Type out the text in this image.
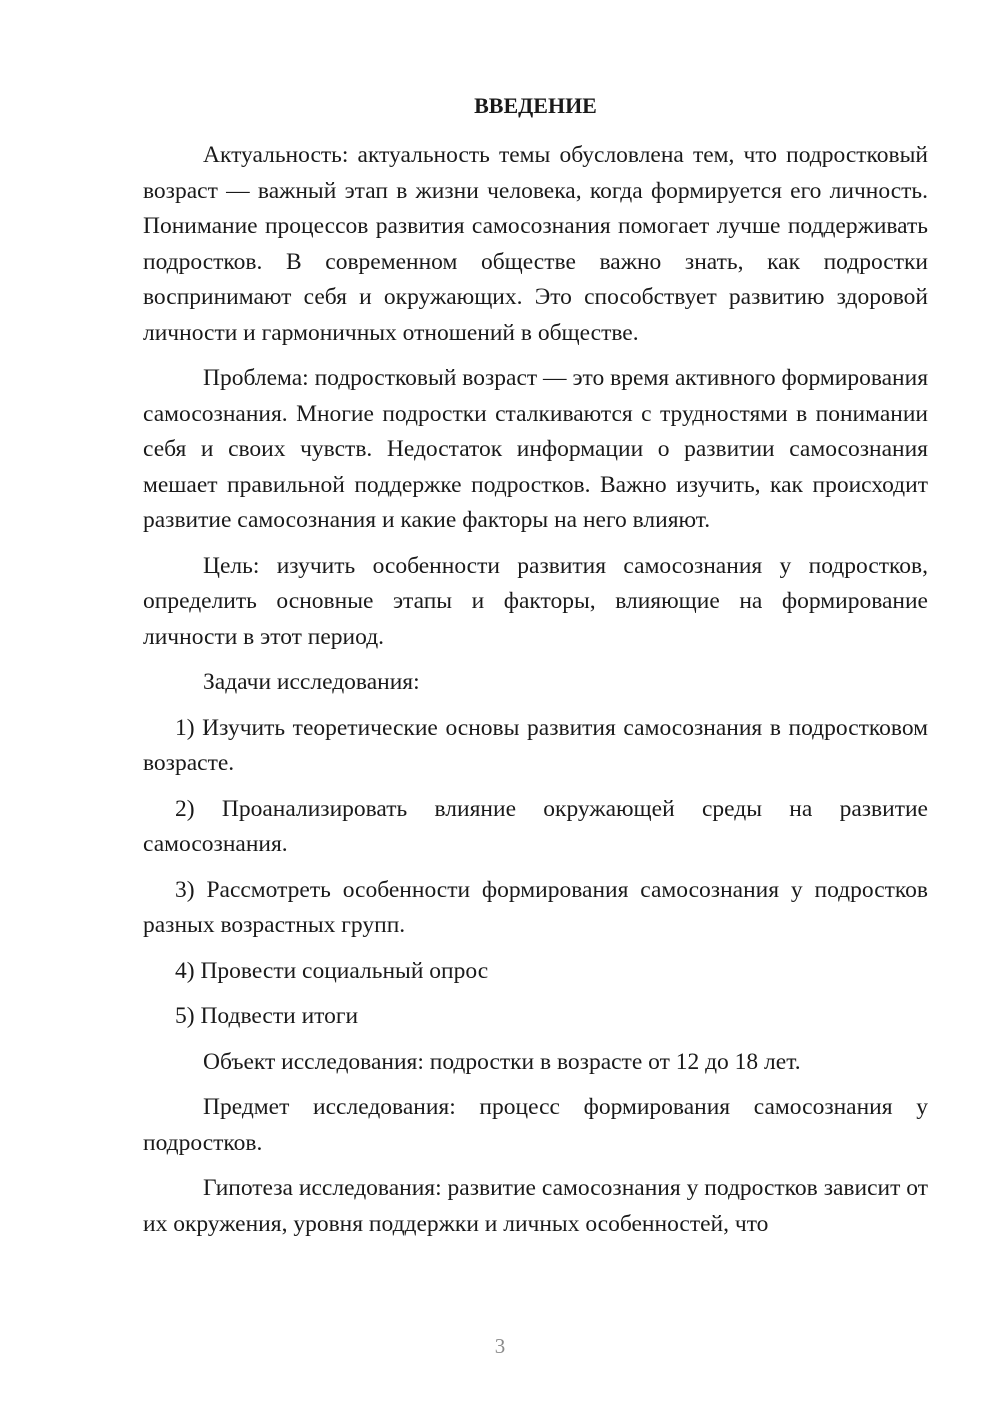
ВВЕДЕНИЕ

Актуальность: актуальность темы обусловлена тем, что подростковый возраст — важный этап в жизни человека, когда формируется его личность. Понимание процессов развития самосознания помогает лучше поддерживать подростков. В современном обществе важно знать, как подростки воспринимают себя и окружающих. Это способствует развитию здоровой личности и гармоничных отношений в обществе.

Проблема: подростковый возраст — это время активного формирования самосознания. Многие подростки сталкиваются с трудностями в понимании себя и своих чувств. Недостаток информации о развитии самосознания мешает правильной поддержке подростков. Важно изучить, как происходит развитие самосознания и какие факторы на него влияют.

Цель: изучить особенности развития самосознания у подростков, определить основные этапы и факторы, влияющие на формирование личности в этот период.

Задачи исследования:

1) Изучить теоретические основы развития самосознания в подростковом возрасте.

2) Проанализировать влияние окружающей среды на развитие самосознания.

3) Рассмотреть особенности формирования самосознания у подростков разных возрастных групп.

4) Провести социальный опрос

5) Подвести итоги

Объект исследования: подростки в возрасте от 12 до 18 лет.

Предмет исследования: процесс формирования самосознания у подростков.

Гипотеза исследования: развитие самосознания у подростков зависит от их окружения, уровня поддержки и личных особенностей, что

3
